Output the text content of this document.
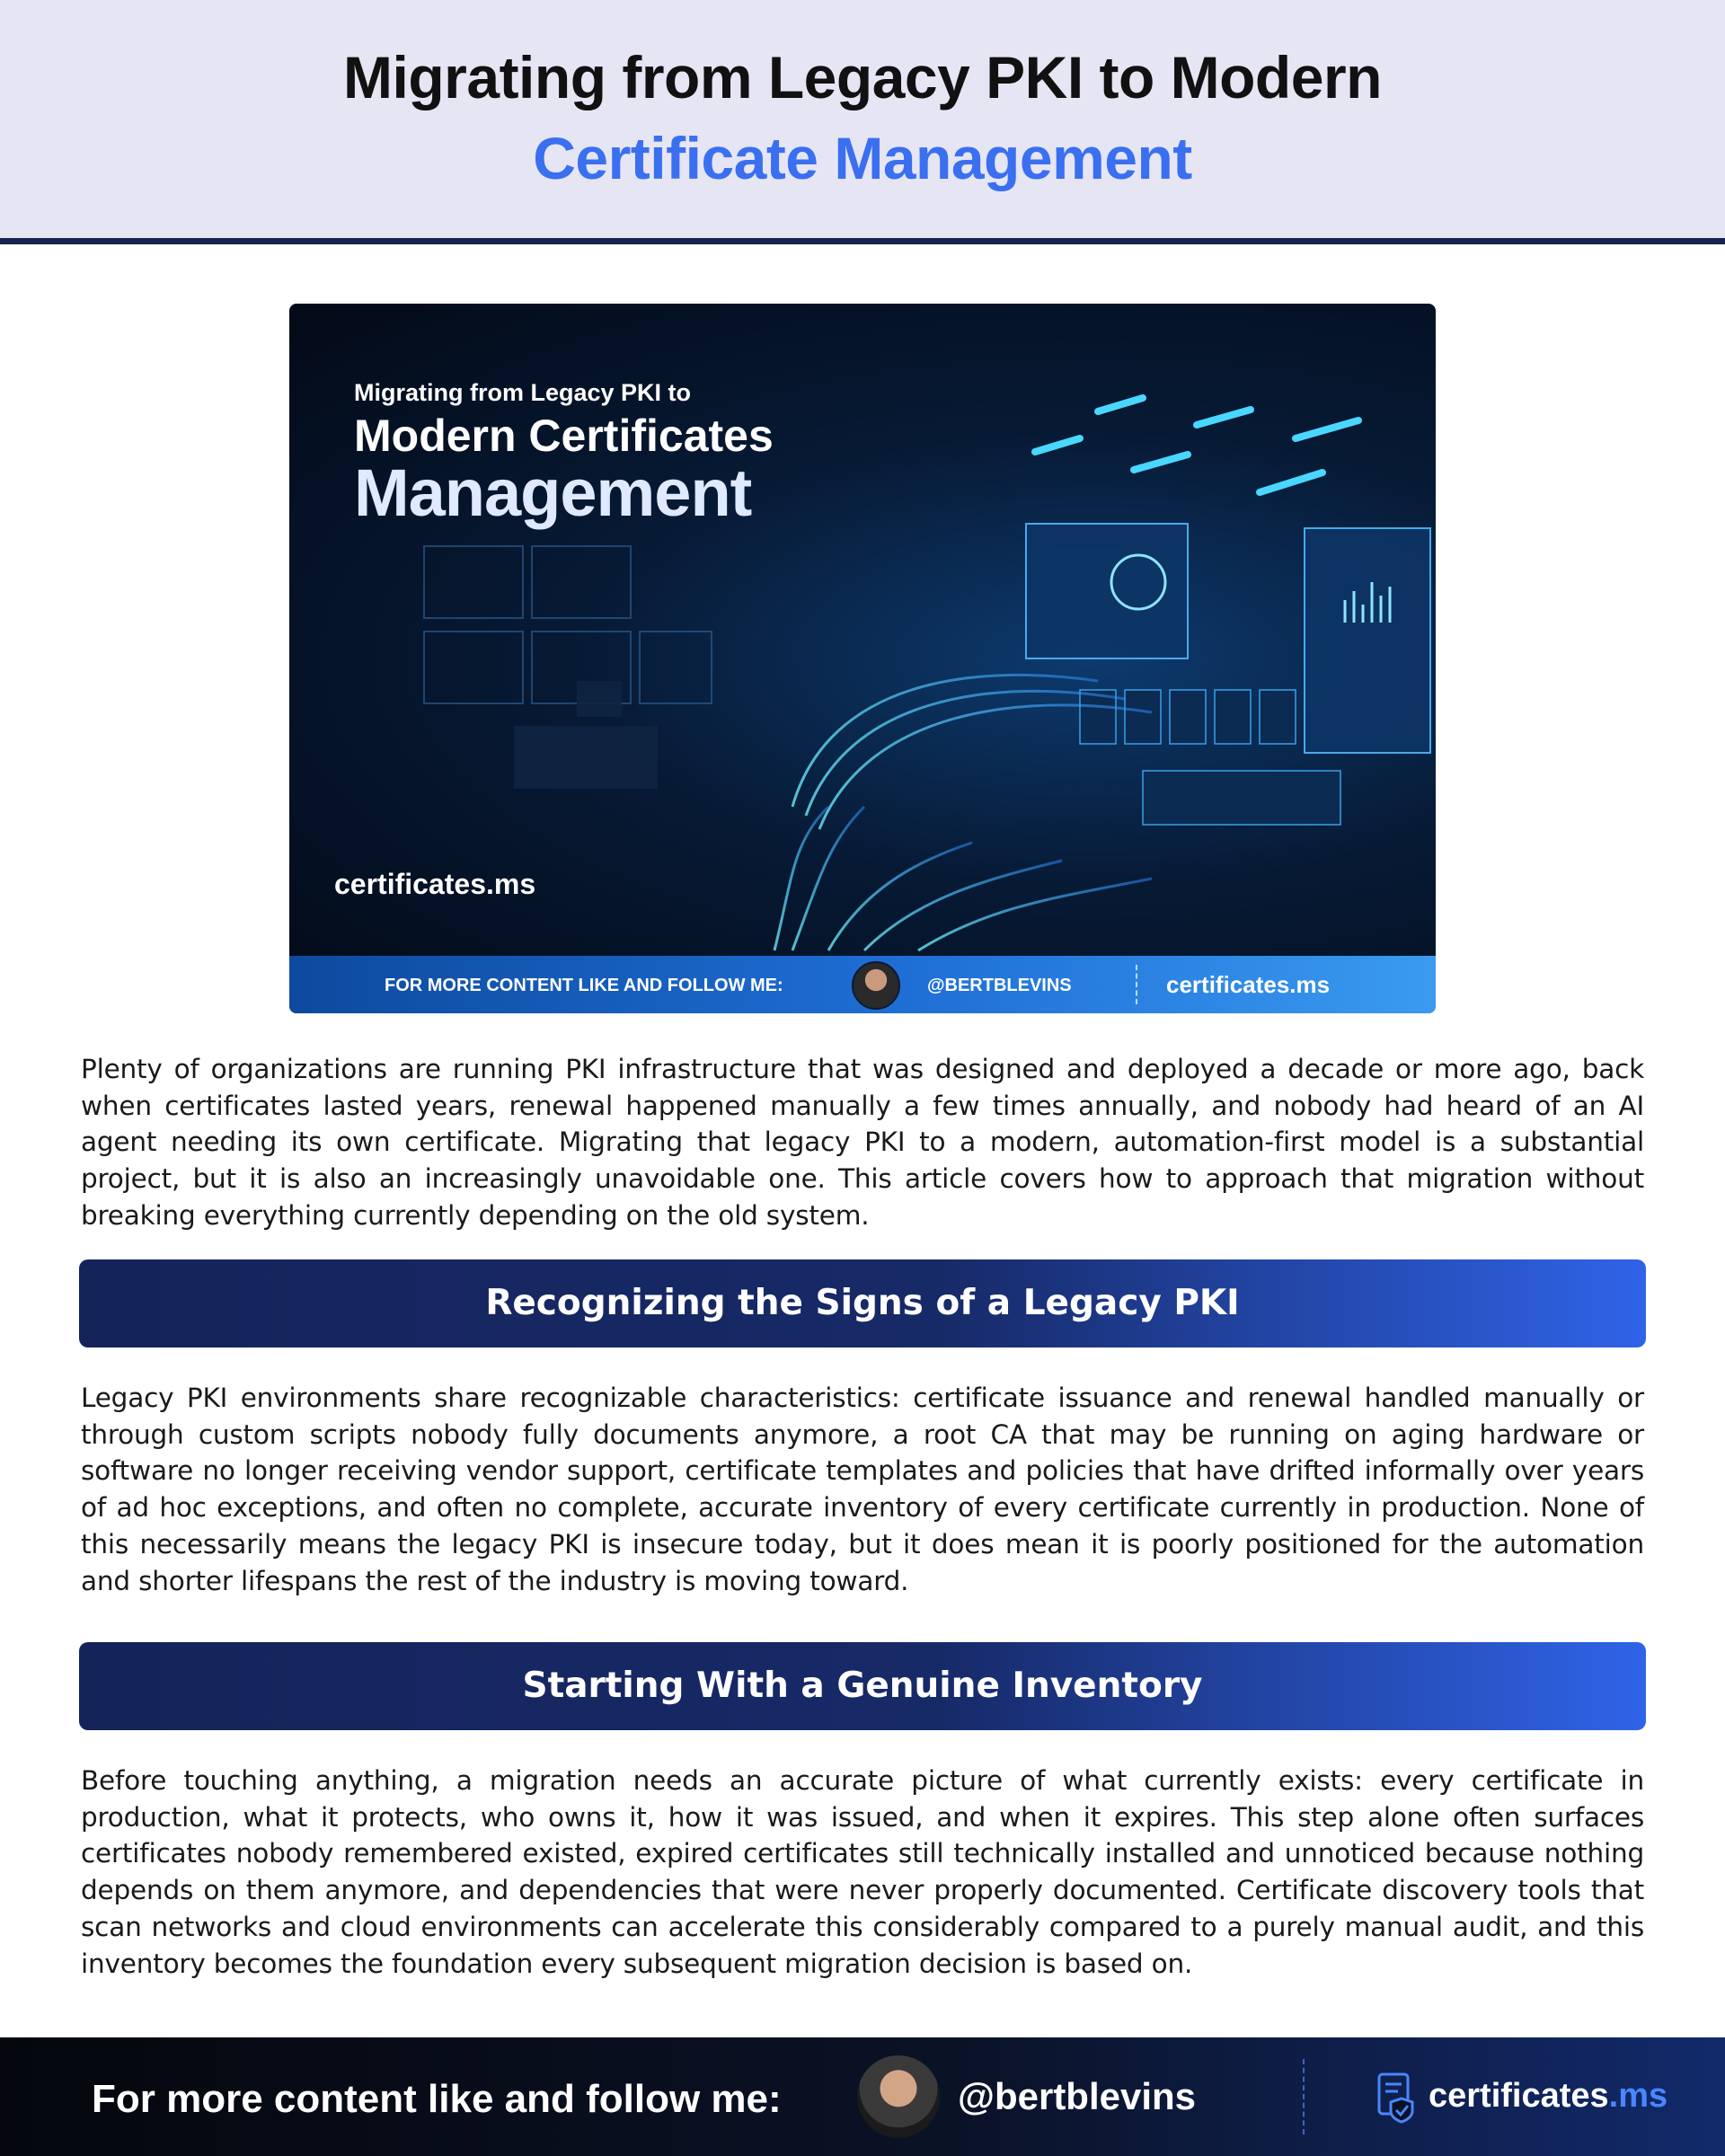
Migrating from Legacy PKI to Modern
Certificate Management
Migrating from Legacy PKI to
Modern Certificates
Management
certificates.ms
FOR MORE CONTENT LIKE AND FOLLOW ME:	@BERTBLEVINS	certificates.ms

Plenty of organizations are running PKI infrastructure that was designed and deployed a decade or more ago, back when certificates lasted years, renewal happened manually a few times annually, and nobody had heard of an AI agent needing its own certificate. Migrating that legacy PKI to a modern, automation-first model is a substantial project, but it is also an increasingly unavoidable one. This article covers how to approach that migration without breaking everything currently depending on the old system.

Recognizing the Signs of a Legacy PKI

Legacy PKI environments share recognizable characteristics: certificate issuance and renewal handled manually or through custom scripts nobody fully documents anymore, a root CA that may be running on aging hardware or software no longer receiving vendor support, certificate templates and policies that have drifted informally over years of ad hoc exceptions, and often no complete, accurate inventory of every certificate currently in production. None of this necessarily means the legacy PKI is insecure today, but it does mean it is poorly positioned for the automation and shorter lifespans the rest of the industry is moving toward.

Starting With a Genuine Inventory

Before touching anything, a migration needs an accurate picture of what currently exists: every certificate in production, what it protects, who owns it, how it was issued, and when it expires. This step alone often surfaces certificates nobody remembered existed, expired certificates still technically installed and unnoticed because nothing depends on them anymore, and dependencies that were never properly documented. Certificate discovery tools that scan networks and cloud environments can accelerate this considerably compared to a purely manual audit, and this inventory becomes the foundation every subsequent migration decision is based on.

For more content like and follow me:	@bertblevins	certificates.ms
